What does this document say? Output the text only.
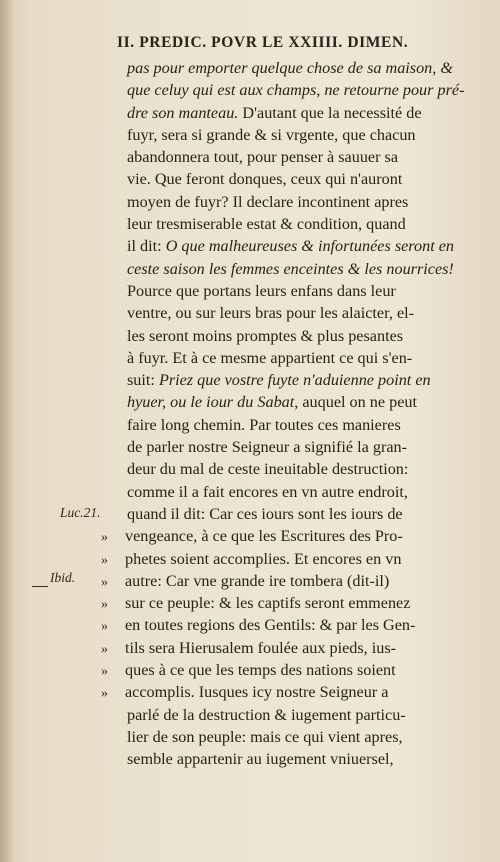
II. PREDIC. POVR LE XXIIII. DIMEN.
Luc.21.
Ibid.
pas pour emporter quelque chose de sa maison, &
que celuy qui est aux champs, ne retourne pour pré-
dre son manteau. D'autant que la necessité de
fuyr, sera si grande & si vrgente, que chacun
abandonnera tout, pour penser à sauuer sa
vie. Que feront donques, ceux qui n'auront
moyen de fuyr? Il declare incontinent apres
leur tresmiserable estat & condition, quand
il dit: O que malheureuses & infortunées seront en
ceste saison les femmes enceintes & les nourrices!
Pource que portans leurs enfans dans leur
ventre, ou sur leurs bras pour les alaicter, el-
les seront moins promptes & plus pesantes
à fuyr. Et à ce mesme appartient ce qui s'en-
suit: Priez que vostre fuyte n'aduienne point en
hyuer, ou le iour du Sabat, auquel on ne peut
faire long chemin. Par toutes ces manieres
de parler nostre Seigneur a signifié la gran-
deur du mal de ceste ineuitable destruction:
comme il a fait encores en vn autre endroit,
quand il dit: Car ces iours sont les iours de
» vengeance, à ce que les Escritures des Pro-
» phetes soient accomplies. Et encores en vn
» autre: Car vne grande ire tombera (dit-il)
» sur ce peuple: & les captifs seront emmenez
» en toutes regions des Gentils: & par les Gen-
» tils sera Hierusalem foulée aux pieds, ius-
» ques à ce que les temps des nations soient
» accomplis. Iusques icy nostre Seigneur a
parlé de la destruction & iugement particu-
lier de son peuple: mais ce qui vient apres,
semble appartenir au iugement vniuersel,
